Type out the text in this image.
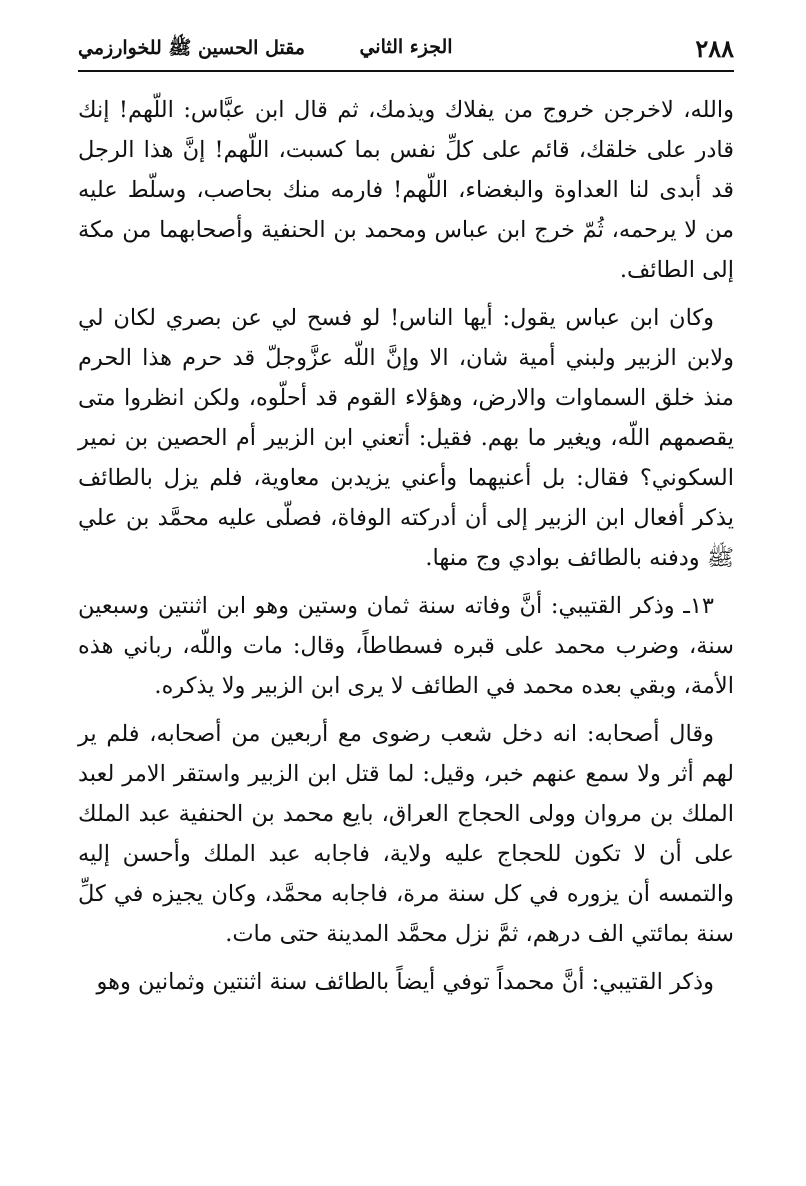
٢٨٨
الجزء الثاني
مقتل الحسين ﷺ للخوارزمي

والله، لاخرجن خروج من يفلاك ويذمك، ثم قال ابن عبَّاس: اللّهم! إنك قادر على خلقك، قائم على كلِّ نفس بما كسبت، اللّهم! إنَّ هذا الرجل قد أبدى لنا العداوة والبغضاء، اللّهم! فارمه منك بحاصب، وسلّط عليه من لا يرحمه، ثُمّ خرج ابن عباس ومحمد بن الحنفية وأصحابهما من مكة إلى الطائف.

وكان ابن عباس يقول: أيها الناس! لو فسح لي عن بصري لكان لي ولابن الزبير ولبني أمية شان، الا وإنَّ اللّه عزَّوجلّ قد حرم هذا الحرم منذ خلق السماوات والارض، وهؤلاء القوم قد أحلّوه، ولكن انظروا متى يقصمهم اللّه، ويغير ما بهم. فقيل: أتعني ابن الزبير أم الحصين بن نمير السكوني؟ فقال: بل أعنيهما وأعني يزيدبن معاوية، فلم يزل بالطائف يذكر أفعال ابن الزبير إلى أن أدركته الوفاة، فصلّى عليه محمَّد بن علي ﷺ ودفنه بالطائف بوادي وج منها.

١٣ـ وذكر القتيبي: أنَّ وفاته سنة ثمان وستين وهو ابن اثنتين وسبعين سنة، وضرب محمد على قبره فسطاطاً، وقال: مات واللّه، رباني هذه الأمة، وبقي بعده محمد في الطائف لا يرى ابن الزبير ولا يذكره.

وقال أصحابه: انه دخل شعب رضوى مع أربعين من أصحابه، فلم ير لهم أثر ولا سمع عنهم خبر، وقيل: لما قتل ابن الزبير واستقر الامر لعبد الملك بن مروان وولى الحجاج العراق، بايع محمد بن الحنفية عبد الملك على أن لا تكون للحجاج عليه ولاية، فاجابه عبد الملك وأحسن إليه والتمسه أن يزوره في كل سنة مرة، فاجابه محمَّد، وكان يجيزه في كلِّ سنة بمائتي الف درهم، ثمَّ نزل محمَّد المدينة حتى مات.

وذكر القتيبي: أنَّ محمداً توفي أيضاً بالطائف سنة اثنتين وثمانين وهو
